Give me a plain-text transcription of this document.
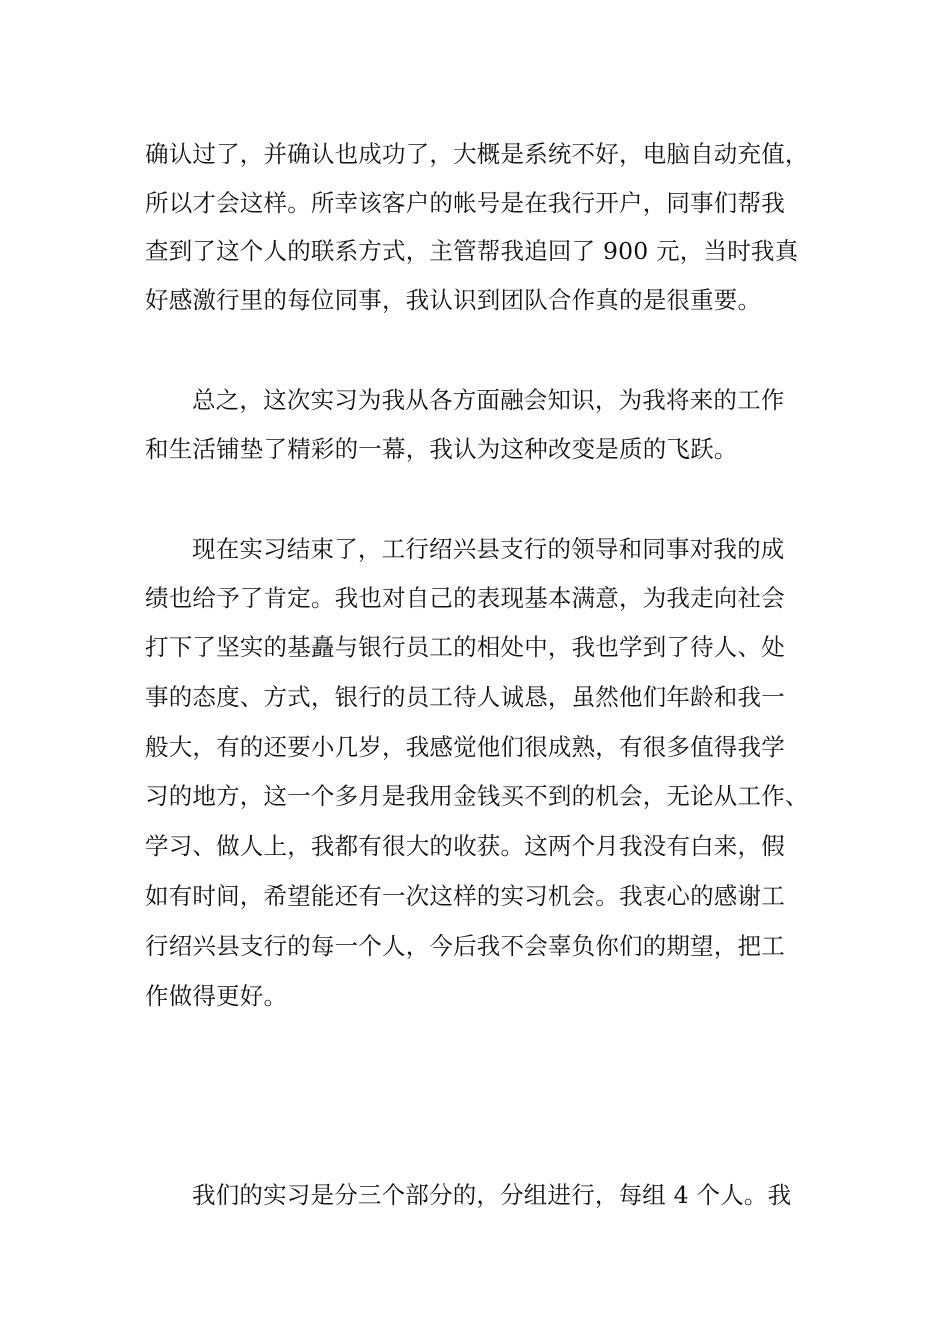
确认过了，并确认也成功了，大概是系统不好，电脑自动充值，
所以才会这样。所幸该客户的帐号是在我行开户，同事们帮我
查到了这个人的联系方式，主管帮我追回了 900 元，当时我真
好感激行里的每位同事，我认识到团队合作真的是很重要。
总之，这次实习为我从各方面融会知识，为我将来的工作
和生活铺垫了精彩的一幕，我认为这种改变是质的飞跃。
现在实习结束了，工行绍兴县支行的领导和同事对我的成
绩也给予了肯定。我也对自己的表现基本满意，为我走向社会
打下了坚实的基矗与银行员工的相处中，我也学到了待人、处
事的态度、方式，银行的员工待人诚恳，虽然他们年龄和我一
般大，有的还要小几岁，我感觉他们很成熟，有很多值得我学
习的地方，这一个多月是我用金钱买不到的机会，无论从工作、
学习、做人上，我都有很大的收获。这两个月我没有白来，假
如有时间，希望能还有一次这样的实习机会。我衷心的感谢工
行绍兴县支行的每一个人，今后我不会辜负你们的期望，把工
作做得更好。
我们的实习是分三个部分的，分组进行，每组 4 个人。我
